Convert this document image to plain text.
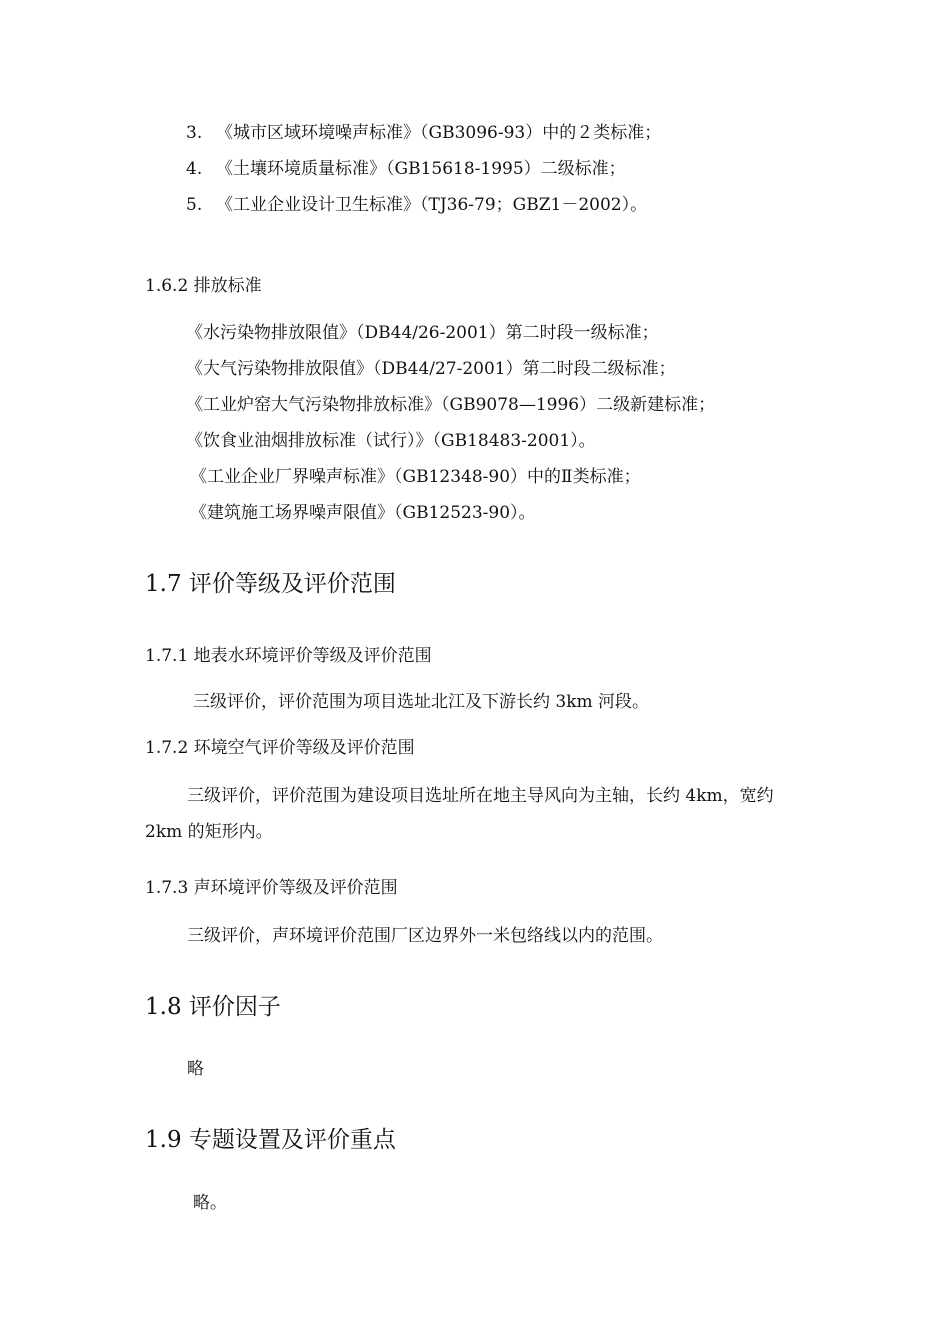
3. 《城市区域环境噪声标准》（GB3096-93）中的２类标准；
4. 《土壤环境质量标准》（GB15618-1995）二级标准；
5. 《工业企业设计卫生标准》（TJ36-79；GBZ1－2002）。
1.6.2 排放标准
《水污染物排放限值》（DB44/26-2001）第二时段一级标准；
《大气污染物排放限值》（DB44/27-2001）第二时段二级标准；
《工业炉窑大气污染物排放标准》（GB9078—1996）二级新建标准；
《饮食业油烟排放标准（试行）》（GB18483-2001）。
《工业企业厂界噪声标准》（GB12348-90）中的Ⅱ类标准；
《建筑施工场界噪声限值》（GB12523-90）。
1.7 评价等级及评价范围
1.7.1 地表水环境评价等级及评价范围
三级评价，评价范围为项目选址北江及下游长约 3km 河段。
1.7.2 环境空气评价等级及评价范围
三级评价，评价范围为建设项目选址所在地主导风向为主轴，长约 4km，宽约
2km 的矩形内。
1.7.3 声环境评价等级及评价范围
三级评价，声环境评价范围厂区边界外一米包络线以内的范围。
1.8 评价因子
略
1.9 专题设置及评价重点
略。
